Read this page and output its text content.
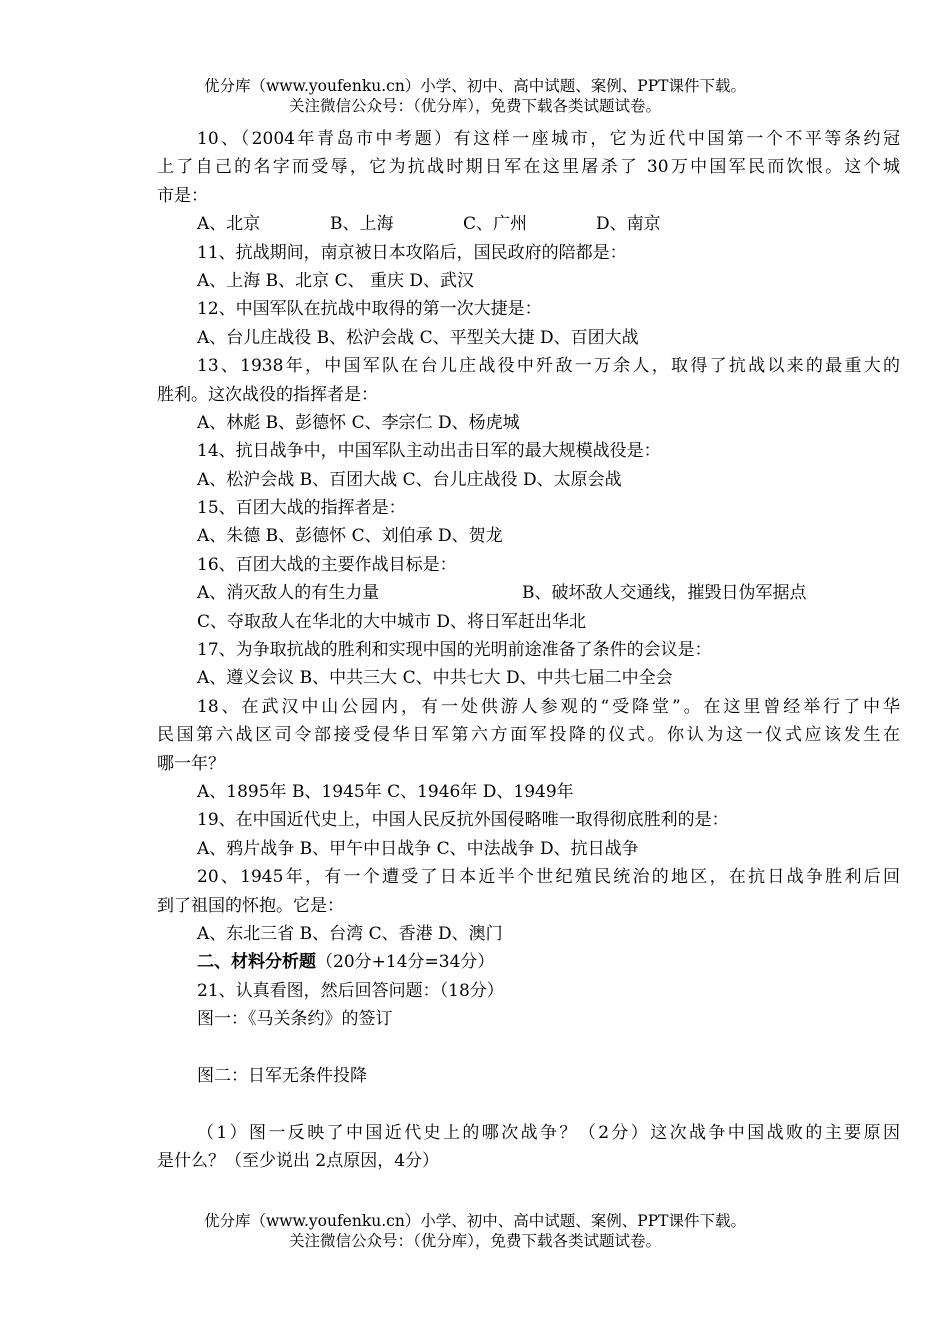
优分库（www.youfenku.cn）小学、初中、高中试题、案例、PPT课件下载。
关注微信公众号：（优分库），免费下载各类试题试卷。
10、（2004年青岛市中考题）有这样一座城市，它为近代中国第一个不平等条约冠
上了自己的名字而受辱，它为抗战时期日军在这里屠杀了 30万中国军民而饮恨。这个城
市是：
A、北京	B、上海	C、广州	D、南京
11、抗战期间，南京被日本攻陷后，国民政府的陪都是：
A、上海 B、北京 C、 重庆 D、武汉
12、中国军队在抗战中取得的第一次大捷是：
A、台儿庄战役 B、松沪会战 C、平型关大捷 D、百团大战
13、1938年，中国军队在台儿庄战役中歼敌一万余人，取得了抗战以来的最重大的
胜利。这次战役的指挥者是：
A、林彪 B、彭德怀 C、李宗仁 D、杨虎城
14、抗日战争中，中国军队主动出击日军的最大规模战役是：
A、松沪会战 B、百团大战 C、台儿庄战役 D、太原会战
15、百团大战的指挥者是：
A、朱德 B、彭德怀 C、刘伯承 D、贺龙
16、百团大战的主要作战目标是：
A、消灭敌人的有生力量	B、破坏敌人交通线，摧毁日伪军据点
C、夺取敌人在华北的大中城市 D、将日军赶出华北
17、为争取抗战的胜利和实现中国的光明前途准备了条件的会议是：
A、遵义会议 B、中共三大 C、中共七大 D、中共七届二中全会
18、在武汉中山公园内，有一处供游人参观的“受降堂”。在这里曾经举行了中华
民国第六战区司令部接受侵华日军第六方面军投降的仪式。你认为这一仪式应该发生在
哪一年？
A、1895年 B、1945年 C、1946年 D、1949年
19、在中国近代史上，中国人民反抗外国侵略唯一取得彻底胜利的是：
A、鸦片战争 B、甲午中日战争 C、中法战争 D、抗日战争
20、1945年，有一个遭受了日本近半个世纪殖民统治的地区，在抗日战争胜利后回
到了祖国的怀抱。它是：
A、东北三省 B、台湾 C、香港 D、澳门
二、材料分析题（20分+14分=34分）
21、认真看图，然后回答问题：（18分）
图一：《马关条约》的签订
图二：日军无条件投降
（1）图一反映了中国近代史上的哪次战争？（2分）这次战争中国战败的主要原因
是什么？（至少说出 2点原因，4分）
优分库（www.youfenku.cn）小学、初中、高中试题、案例、PPT课件下载。
关注微信公众号：（优分库），免费下载各类试题试卷。
